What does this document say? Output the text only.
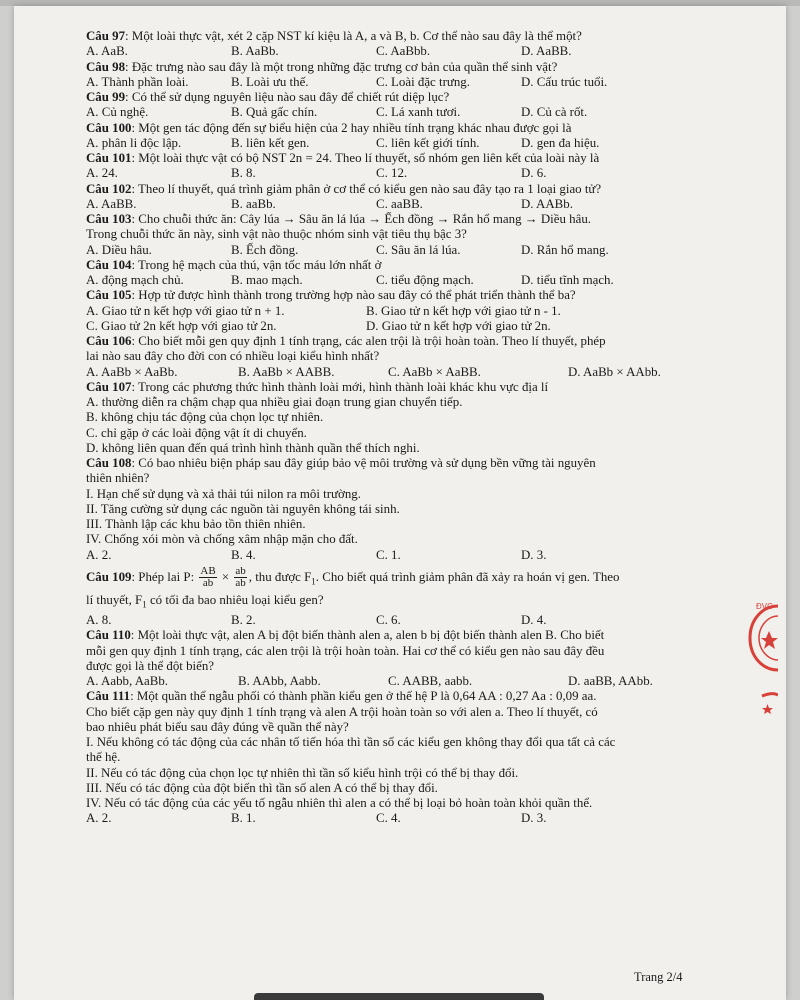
Câu 97: Một loài thực vật, xét 2 cặp NST kí kiệu là A, a và B, b. Cơ thể nào sau đây là thể một?
A. AaB.	B. AaBb.	C. AaBbb.	D. AaBB.
Câu 98: Đặc trưng nào sau đây là một trong những đặc trưng cơ bản của quần thể sinh vật?
A. Thành phần loài.	B. Loài ưu thế.	C. Loài đặc trưng.	D. Cấu trúc tuổi.
Câu 99: Có thể sử dụng nguyên liệu nào sau đây để chiết rút diệp lục?
A. Củ nghệ.	B. Quả gấc chín.	C. Lá xanh tươi.	D. Củ cà rốt.
Câu 100: Một gen tác động đến sự biểu hiện của 2 hay nhiều tính trạng khác nhau được gọi là
A. phân li độc lập.	B. liên kết gen.	C. liên kết giới tính.	D. gen đa hiệu.
Câu 101: Một loài thực vật có bộ NST 2n = 24. Theo lí thuyết, số nhóm gen liên kết của loài này là
A. 24.	B. 8.	C. 12.	D. 6.
Câu 102: Theo lí thuyết, quá trình giảm phân ở cơ thể có kiểu gen nào sau đây tạo ra 1 loại giao tử?
A. AaBB.	B. aaBb.	C. aaBB.	D. AABb.
Câu 103: Cho chuỗi thức ăn: Cây lúa → Sâu ăn lá lúa → Ếch đồng → Rắn hổ mang → Diều hâu.
Trong chuỗi thức ăn này, sinh vật nào thuộc nhóm sinh vật tiêu thụ bậc 3?
A. Diều hâu.	B. Ếch đồng.	C. Sâu ăn lá lúa.	D. Rắn hổ mang.
Câu 104: Trong hệ mạch của thú, vận tốc máu lớn nhất ở
A. động mạch chủ.	B. mao mạch.	C. tiểu động mạch.	D. tiểu tĩnh mạch.
Câu 105: Hợp tử được hình thành trong trường hợp nào sau đây có thể phát triển thành thể ba?
A. Giao tử n kết hợp với giao tử n + 1.	B. Giao tử n kết hợp với giao tử n - 1.
C. Giao tử 2n kết hợp với giao tử 2n.	D. Giao tử n kết hợp với giao tử 2n.
Câu 106: Cho biết mỗi gen quy định 1 tính trạng, các alen trội là trội hoàn toàn. Theo lí thuyết, phép
lai nào sau đây cho đời con có nhiều loại kiểu hình nhất?
A. AaBb × AaBb.	B. AaBb × AABB.	C. AaBb × AaBB.	D. AaBb × AAbb.
Câu 107: Trong các phương thức hình thành loài mới, hình thành loài khác khu vực địa lí
A. thường diễn ra chậm chạp qua nhiều giai đoạn trung gian chuyển tiếp.
B. không chịu tác động của chọn lọc tự nhiên.
C. chỉ gặp ở các loài động vật ít di chuyển.
D. không liên quan đến quá trình hình thành quần thể thích nghi.
Câu 108: Có bao nhiêu biện pháp sau đây giúp bảo vệ môi trường và sử dụng bền vững tài nguyên
thiên nhiên?
I. Hạn chế sử dụng và xả thải túi nilon ra môi trường.
II. Tăng cường sử dụng các nguồn tài nguyên không tái sinh.
III. Thành lập các khu bảo tồn thiên nhiên.
IV. Chống xói mòn và chống xâm nhập mặn cho đất.
A. 2.	B. 4.	C. 1.	D. 3.
Câu 109: Phép lai P: $\frac{AB}{ab} \times \frac{ab}{ab}$ , thu được $F_1$. Cho biết quá trình giảm phân đã xảy ra hoán vị gen. Theo
lí thuyết, $F_1$ có tối đa bao nhiêu loại kiểu gen?
A. 8.	B. 2.	C. 6.	D. 4.
Câu 110: Một loài thực vật, alen A bị đột biến thành alen a, alen b bị đột biến thành alen B. Cho biết
mỗi gen quy định 1 tính trạng, các alen trội là trội hoàn toàn. Hai cơ thể có kiểu gen nào sau đây đều
được gọi là thể đột biến?
A. Aabb, AaBb.	B. AAbb, Aabb.	C. AABB, aabb.	D. aaBB, AAbb.
Câu 111: Một quần thể ngẫu phối có thành phần kiểu gen ở thế hệ P là 0,64 AA : 0,27 Aa : 0,09 aa.
Cho biết cặp gen này quy định 1 tính trạng và alen A trội hoàn toàn so với alen a. Theo lí thuyết, có
bao nhiêu phát biểu sau đây đúng về quần thể này?
I. Nếu không có tác động của các nhân tố tiến hóa thì tần số các kiểu gen không thay đổi qua tất cả các
thế hệ.
II. Nếu có tác động của chọn lọc tự nhiên thì tần số kiểu hình trội có thể bị thay đổi.
III. Nếu có tác động của đột biến thì tần số alen A có thể bị thay đổi.
IV. Nếu có tác động của các yếu tố ngẫu nhiên thì alen a có thể bị loại bỏ hoàn toàn khỏi quần thể.
A. 2.	B. 1.	C. 4.	D. 3.
ĐVC
Trang 2/4
